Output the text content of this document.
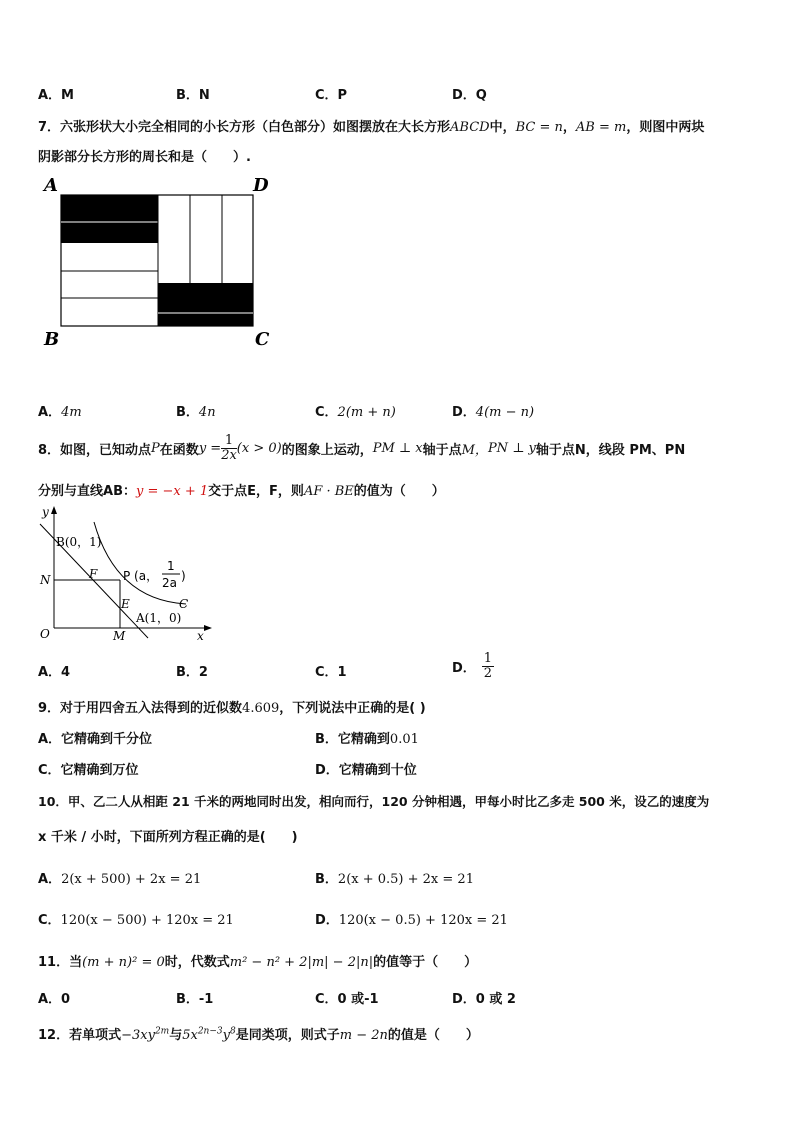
A．M	B．N	C．P	D．Q
7．六张形状大小完全相同的小长方形（白色部分）如图摆放在大长方形ABCD中，BC = n，AB = m，则图中两块
阴影部分长方形的周长和是（　　）.
A	D
B	C
A．4m	B．4n	C．2(m + n)	D．4(m − n)
8．如图，已知动点 P 在函数 $y = \frac{1}{2x} (x > 0)$ 的图象上运动， PM ⊥ x 轴于点 M， PN ⊥ y 轴于点 N，线段 PM、PN
分别与直线AB：y = −x + 1交于点E，F，则AF · BE的值为（　　）
y
x
O
B(0，1)
N	F P (a，
1
2a )
C
E
A(1，0)
M
A．4	B．2	C．1	D． $\frac{1}{2}$
9．对于用四舍五入法得到的近似数4.609，下列说法中正确的是( )
A．它精确到千分位	B．它精确到0.01
C．它精确到万位	D．它精确到十位
10．甲、乙二人从相距 21 千米的两地同时出发，相向而行，120 分钟相遇，甲每小时比乙多走 500 米，设乙的速度为
x 千米 / 小时，下面所列方程正确的是(　　)
A．2(x + 500) + 2x = 21	B．2(x + 0.5) + 2x = 21
C．120(x − 500) + 120x = 21	D．120(x − 0.5) + 120x = 21
11．当(m + n)² = 0时，代数式m² − n² + 2|m| − 2|n|的值等于（　　）
A．0	B．-1	C．0 或-1	D．0 或 2
12．若单项式$-3xy^{2m}$与$5x^{2n-3}y^8$是同类项，则式子m − 2n的值是（　　）
